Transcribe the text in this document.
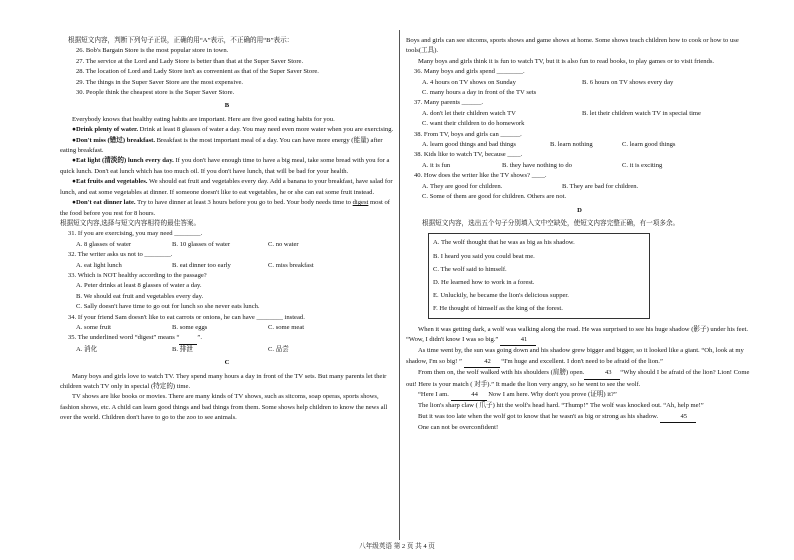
根据短文内容，判断下列句子正误，正确的用“A”表示，不正确的用“B”表示：

26. Bob's Bargain Store is the most popular store in town.

27. The service at the Lord and Lady Store is better than that at the Super Saver Store.

28. The location of Lord and Lady Store isn't as convenient as that of the Super Saver Store.

29. The things in the Super Saver Store are the most expensive.

30. People think the cheapest store is the Super Saver Store.

B

Everybody knows that healthy eating habits are important. Here are five good eating habits for you.

●Drink plenty of water. Drink at least 8 glasses of water a day. You may need even more water when you are exercising.

●Don't miss (错过) breakfast. Breakfast is the most important meal of a day. You can have more energy (能量) after eating breakfast.

●Eat light (清淡的) lunch every day. If you don't have enough time to have a big meal, take some bread with you for a quick lunch. Don't eat lunch which has too much oil. If you don't have lunch, that will be bad for your health.

●Eat fruits and vegetables. We should eat fruit and vegetables every day. Add a banana to your breakfast, have salad for lunch, and eat some vegetables at dinner. If someone doesn't like to eat vegetables, he or she can eat some fruit instead.

●Don't eat dinner late. Try to have dinner at least 3 hours before you go to bed. Your body needs time to digest most of the food before you rest for 8 hours.

根据短文内容,选择与短文内容相符的最佳答案。

31. If you are exercising, you may need ________.

A. 8 glasses of water	B. 10 glasses of water	C. no water

32. The writer asks us not to ________.

A. eat light lunch	B. eat dinner too early	C. miss breakfast

33. Which is NOT healthy according to the passage?

A. Peter drinks at least 8 glasses of water a day.

B. We should eat fruit and vegetables every day.

C. Sally doesn't have time to go out for lunch so she never eats lunch.

34. If your friend Sam doesn't like to eat carrots or onions, he can have ________ instead.

A. some fruit	B. some eggs	C. some meat

35. The underlined word “digest” means “	”.

A. 消化	B. 排泄	C. 品尝

C

Many boys and girls love to watch TV. They spend many hours a day in front of the TV sets. But many parents let their children watch TV only in special (特定的) time.

TV shows are like books or movies. There are many kinds of TV shows, such as sitcoms, soap operas, sports shows, fashion shows, etc. A child can learn good things and bad things from them. Some shows help children to know the news all over the world. Children don't have to go to the zoo to see animals.

Boys and girls can see sitcoms, sports shows and game shows at home. Some shows teach children how to cook or how to use tools(工具).

Many boys and girls think it is fun to watch TV, but it is also fun to read books, to play games or to visit friends.

36. Many boys and girls spend ________.

A. 4 hours on TV shows on Sunday	B. 6 hours on TV shows every day

C. many hours a day in front of the TV sets

37. Many parents ______.

A. don't let their children watch TV	B. let their children watch TV in special time

C. want their children to do homework

38. From TV, boys and girls can ______.

A. learn good things and bad things	B. learn nothing	C. learn good things

38. Kids like to watch TV, because ____.

A. it is fun	B. they have nothing to do	C. it is exciting

40. How does the writer like the TV shows? ____.

A. They are good for children.	B. They are bad for children.

C. Some of them are good for children. Others are not.

D

根据短文内容，选出五个句子分别填入文中空缺处，使短文内容完整正确，有一项多余。

A. The wolf thought that he was as big as his shadow.

B. I heard you said you could beat me.

C. The wolf said to himself.

D. He learned how to work in a forest.

E. Unluckily, he became the lion's delicious supper.

F. He thought of himself as the king of the forest.

When it was getting dark, a wolf was walking along the road. He was surprised to see his huge shadow (影子) under his feet. “Wow, I didn't know I was so big.”	41

As time went by, the sun was going down and his shadow grew bigger and bigger, so it looked like a giant. “Oh, look at my shadow, I'm so big! ”	42 “I'm huge and excellent. I don't need to be afraid of the lion.”

From then on, the wolf walked with his shoulders (肩膀) open.	43 “Why should I be afraid of the lion? Lion! Come out! Here is your match ( 对手).” It made the lion very angry, so he went to see the wolf.

“Here I am.	44 Now I am here. Why don't you prove (证明) it?”

The lion's sharp claw ( 爪子) hit the wolf's head hard. “Thump!” The wolf was knocked out. “Ah, help me!”

But it was too late when the wolf got to know that he wasn't as big or strong as his shadow.	45

One can not be overconfident!

八年级英语 第 2 页 共 4 页
